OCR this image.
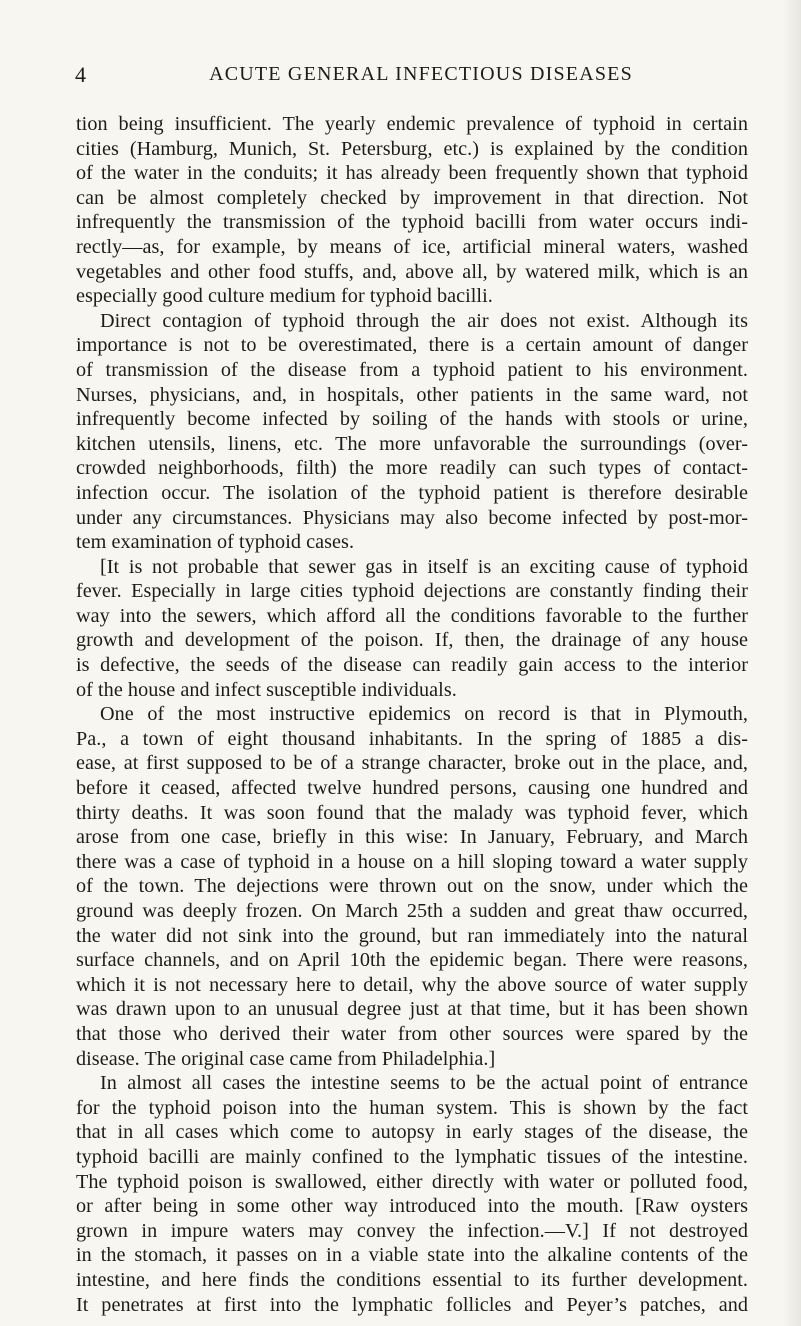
4	ACUTE GENERAL INFECTIOUS DISEASES
tion being insufficient. The yearly endemic prevalence of typhoid in certain
cities (Hamburg, Munich, St. Petersburg, etc.) is explained by the condition
of the water in the conduits; it has already been frequently shown that typhoid
can be almost completely checked by improvement in that direction. Not
infrequently the transmission of the typhoid bacilli from water occurs indi-
rectly—as, for example, by means of ice, artificial mineral waters, washed
vegetables and other food stuffs, and, above all, by watered milk, which is an
especially good culture medium for typhoid bacilli.
Direct contagion of typhoid through the air does not exist. Although its
importance is not to be overestimated, there is a certain amount of danger
of transmission of the disease from a typhoid patient to his environment.
Nurses, physicians, and, in hospitals, other patients in the same ward, not
infrequently become infected by soiling of the hands with stools or urine,
kitchen utensils, linens, etc. The more unfavorable the surroundings (over-
crowded neighborhoods, filth) the more readily can such types of contact-
infection occur. The isolation of the typhoid patient is therefore desirable
under any circumstances. Physicians may also become infected by post-mor-
tem examination of typhoid cases.
[It is not probable that sewer gas in itself is an exciting cause of typhoid
fever. Especially in large cities typhoid dejections are constantly finding their
way into the sewers, which afford all the conditions favorable to the further
growth and development of the poison. If, then, the drainage of any house
is defective, the seeds of the disease can readily gain access to the interior
of the house and infect susceptible individuals.
One of the most instructive epidemics on record is that in Plymouth,
Pa., a town of eight thousand inhabitants. In the spring of 1885 a dis-
ease, at first supposed to be of a strange character, broke out in the place, and,
before it ceased, affected twelve hundred persons, causing one hundred and
thirty deaths. It was soon found that the malady was typhoid fever, which
arose from one case, briefly in this wise: In January, February, and March
there was a case of typhoid in a house on a hill sloping toward a water supply
of the town. The dejections were thrown out on the snow, under which the
ground was deeply frozen. On March 25th a sudden and great thaw occurred,
the water did not sink into the ground, but ran immediately into the natural
surface channels, and on April 10th the epidemic began. There were reasons,
which it is not necessary here to detail, why the above source of water supply
was drawn upon to an unusual degree just at that time, but it has been shown
that those who derived their water from other sources were spared by the
disease. The original case came from Philadelphia.]
In almost all cases the intestine seems to be the actual point of entrance
for the typhoid poison into the human system. This is shown by the fact
that in all cases which come to autopsy in early stages of the disease, the
typhoid bacilli are mainly confined to the lymphatic tissues of the intestine.
The typhoid poison is swallowed, either directly with water or polluted food,
or after being in some other way introduced into the mouth. [Raw oysters
grown in impure waters may convey the infection.—V.] If not destroyed
in the stomach, it passes on in a viable state into the alkaline contents of the
intestine, and here finds the conditions essential to its further development.
It penetrates at first into the lymphatic follicles and Peyer’s patches, and
